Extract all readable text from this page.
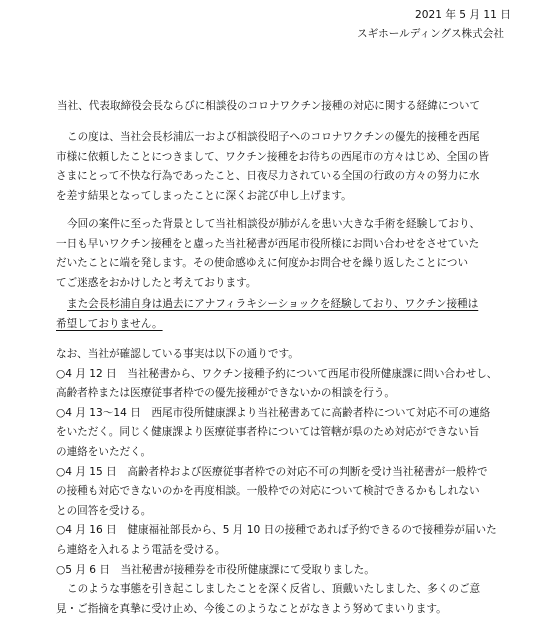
2021 年 5 月 11 日
スギホールディングス株式会社
当社、代表取締役会長ならびに相談役のコロナワクチン接種の対応に関する経緯について
この度は、当社会長杉浦広一および相談役昭子へのコロナワクチンの優先的接種を西尾
市様に依頼したことにつきまして、ワクチン接種をお待ちの西尾市の方々はじめ、全国の皆
さまにとって不快な行為であったこと、日夜尽力されている全国の行政の方々の努力に水
を差す結果となってしまったことに深くお詫び申し上げます。
今回の案件に至った背景として当社相談役が肺がんを患い大きな手術を経験しており、
一日も早いワクチン接種をと慮った当社秘書が西尾市役所様にお問い合わせをさせていた
だいたことに端を発します。その使命感ゆえに何度かお問合せを繰り返したことについ
てご迷惑をおかけしたと考えております。
また会長杉浦自身は過去にアナフィラキシーショックを経験しており、ワクチン接種は
希望しておりません。
なお、当社が確認している事実は以下の通りです。
○4 月 12 日　当社秘書から、ワクチン接種予約について西尾市役所健康課に問い合わせし、
高齢者枠または医療従事者枠での優先接種ができないかの相談を行う。
○4 月 13～14 日　西尾市役所健康課より当社秘書あてに高齢者枠について対応不可の連絡
をいただく。同じく健康課より医療従事者枠については管轄が県のため対応ができない旨
の連絡をいただく。
○4 月 15 日　高齢者枠および医療従事者枠での対応不可の判断を受け当社秘書が一般枠で
の接種も対応できないのかを再度相談。一般枠での対応について検討できるかもしれない
との回答を受ける。
○4 月 16 日　健康福祉部長から、5 月 10 日の接種であれば予約できるので接種券が届いた
ら連絡を入れるよう電話を受ける。
○5 月 6 日　当社秘書が接種券を市役所健康課にて受取りました。
このような事態を引き起こしましたことを深く反省し、頂戴いたしました、多くのご意
見・ご指摘を真摯に受け止め、今後このようなことがなきよう努めてまいります。
